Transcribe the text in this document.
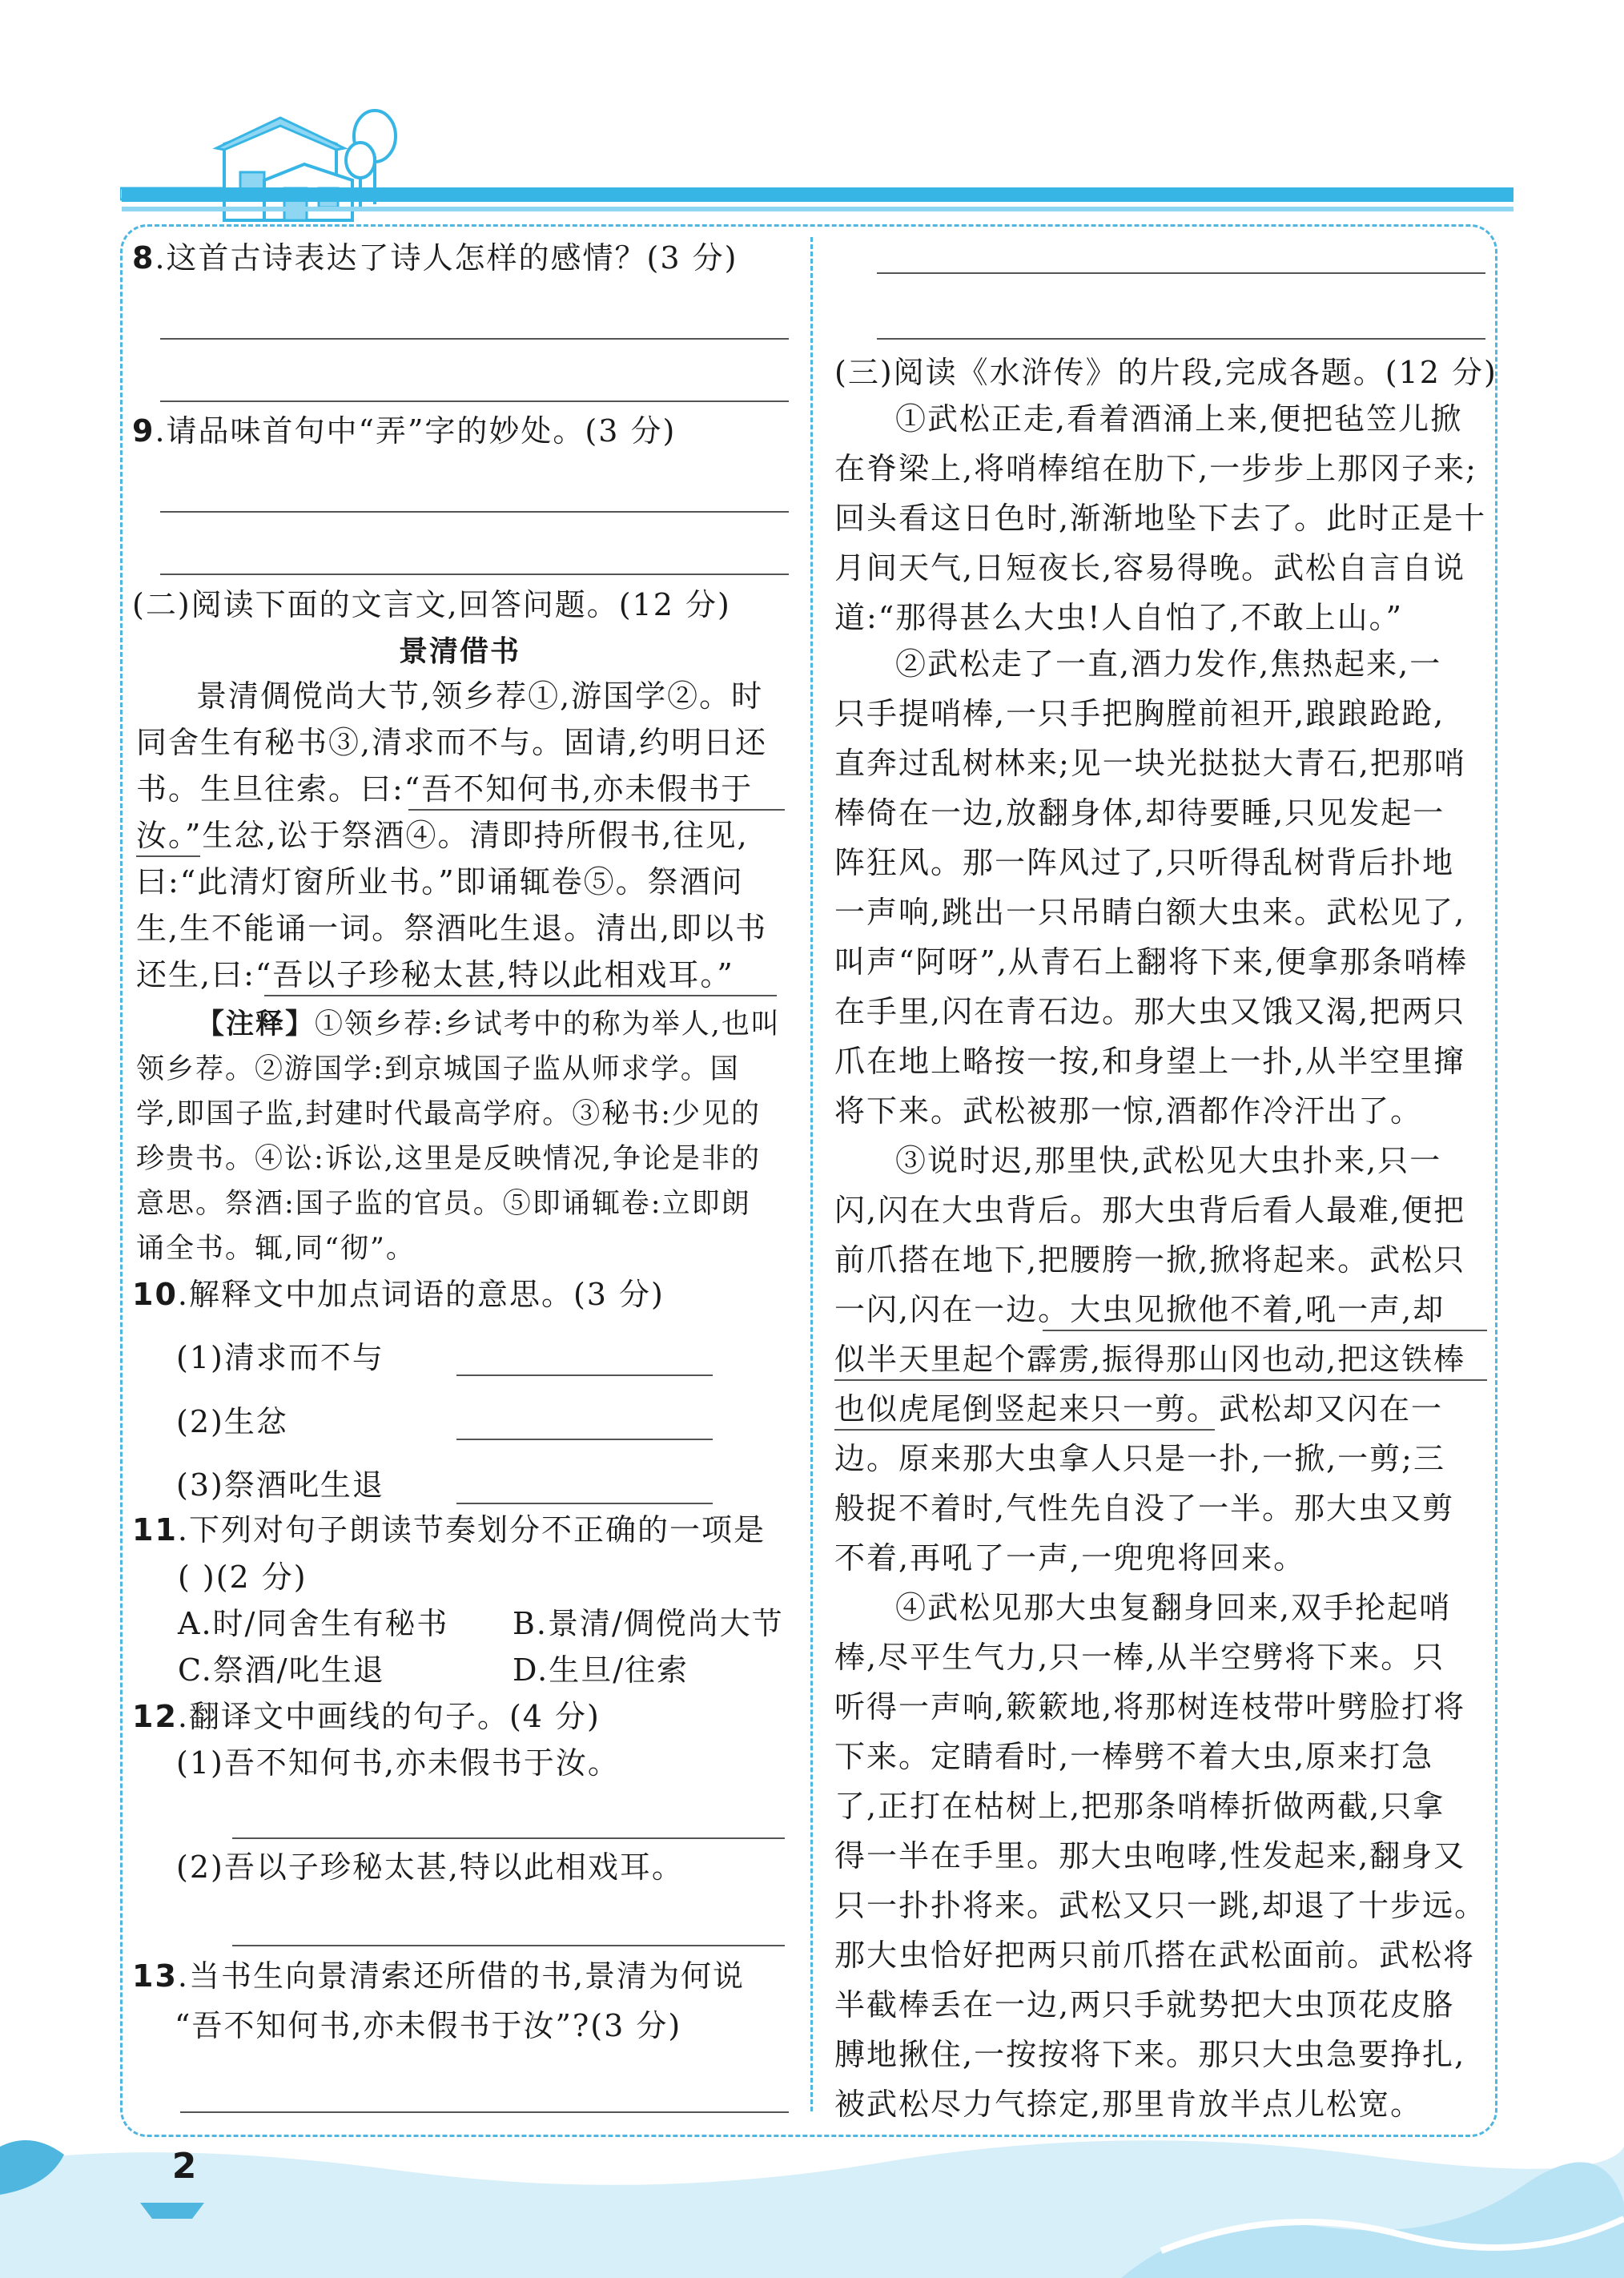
8.这首古诗表达了诗人怎样的感情？(3 分)
9.请品味首句中“弄”字的妙处。(3 分)
(二)阅读下面的文言文,回答问题。(12 分)
景清借书
景清倜傥尚大节,领乡荐①,游国学②。时
同舍生有秘书③,清求而不与。固请,约明日还
书。生旦往索。曰:“吾不知何书,亦未假书于
汝。”生忿,讼于祭酒④。清即持所假书,往见,
曰:“此清灯窗所业书。”即诵辄卷⑤。祭酒问
生,生不能诵一词。祭酒叱生退。清出,即以书
还生,曰:“吾以子珍秘太甚,特以此相戏耳。”
【注释】①领乡荐:乡试考中的称为举人,也叫
领乡荐。②游国学:到京城国子监从师求学。国
学,即国子监,封建时代最高学府。③秘书:少见的
珍贵书。④讼:诉讼,这里是反映情况,争论是非的
意思。祭酒:国子监的官员。⑤即诵辄卷:立即朗
诵全书。辄,同“彻”。
10.解释文中加点词语的意思。(3 分)
(1)清求而不与
(2)生忿
(3)祭酒叱生退
11.下列对句子朗读节奏划分不正确的一项是
( )(2 分)
A.时/同舍生有秘书 B.景清/倜傥尚大节
C.祭酒/叱生退	D.生旦/往索
12.翻译文中画线的句子。(4 分)
(1)吾不知何书,亦未假书于汝。
(2)吾以子珍秘太甚,特以此相戏耳。
13.当书生向景清索还所借的书,景清为何说
“吾不知何书,亦未假书于汝”?(3 分)
(三)阅读《水浒传》的片段,完成各题。(12 分)
①武松正走,看着酒涌上来,便把毡笠儿掀
在脊梁上,将哨棒绾在肋下,一步步上那冈子来;
回头看这日色时,渐渐地坠下去了。此时正是十
月间天气,日短夜长,容易得晚。武松自言自说
道:“那得甚么大虫!人自怕了,不敢上山。”
②武松走了一直,酒力发作,焦热起来,一
只手提哨棒,一只手把胸膛前袒开,踉踉跄跄,
直奔过乱树林来;见一块光挞挞大青石,把那哨
棒倚在一边,放翻身体,却待要睡,只见发起一
阵狂风。那一阵风过了,只听得乱树背后扑地
一声响,跳出一只吊睛白额大虫来。武松见了,
叫声“阿呀”,从青石上翻将下来,便拿那条哨棒
在手里,闪在青石边。那大虫又饿又渴,把两只
爪在地上略按一按,和身望上一扑,从半空里撺
将下来。武松被那一惊,酒都作冷汗出了。
③说时迟,那里快,武松见大虫扑来,只一
闪,闪在大虫背后。那大虫背后看人最难,便把
前爪搭在地下,把腰胯一掀,掀将起来。武松只
一闪,闪在一边。大虫见掀他不着,吼一声,却
似半天里起个霹雳,振得那山冈也动,把这铁棒
也似虎尾倒竖起来只一剪。武松却又闪在一
边。原来那大虫拿人只是一扑,一掀,一剪;三
般捉不着时,气性先自没了一半。那大虫又剪
不着,再吼了一声,一兜兜将回来。
④武松见那大虫复翻身回来,双手抡起哨
棒,尽平生气力,只一棒,从半空劈将下来。只
听得一声响,簌簌地,将那树连枝带叶劈脸打将
下来。定睛看时,一棒劈不着大虫,原来打急
了,正打在枯树上,把那条哨棒折做两截,只拿
得一半在手里。那大虫咆哮,性发起来,翻身又
只一扑扑将来。武松又只一跳,却退了十步远。
那大虫恰好把两只前爪搭在武松面前。武松将
半截棒丢在一边,两只手就势把大虫顶花皮胳
膊地揪住,一按按将下来。那只大虫急要挣扎,
被武松尽力气捺定,那里肯放半点儿松宽。
2
